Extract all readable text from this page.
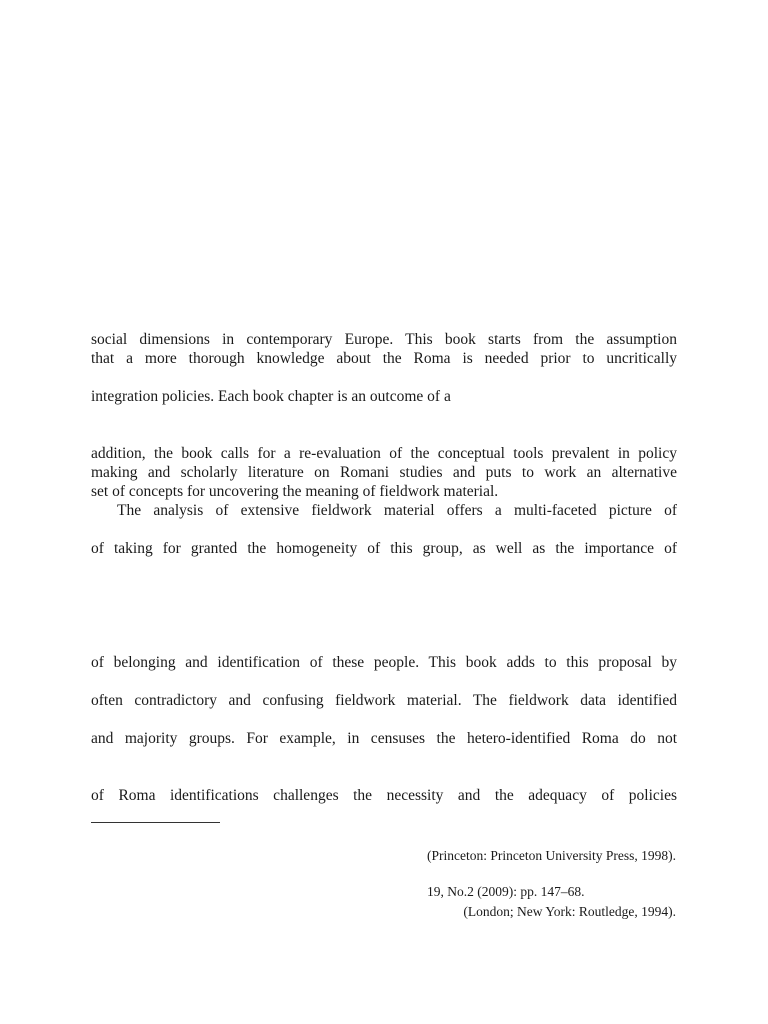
social dimensions in contemporary Europe. This book starts from the assumption
that a more thorough knowledge about the Roma is needed prior to uncritically
integration policies. Each book chapter is an outcome of a
addition, the book calls for a re-evaluation of the conceptual tools prevalent in policy
making and scholarly literature on Romani studies and puts to work an alternative
set of concepts for uncovering the meaning of fieldwork material.
The analysis of extensive fieldwork material offers a multi-faceted picture of
of taking for granted the homogeneity of this group, as well as the importance of
of belonging and identification of these people. This book adds to this proposal by
often contradictory and confusing fieldwork material. The fieldwork data identified
and majority groups. For example, in censuses the hetero-identified Roma do not
of Roma identifications challenges the necessity and the adequacy of policies
(Princeton: Princeton University Press, 1998).
19, No.2 (2009): pp. 147–68.
(London; New York: Routledge, 1994).
